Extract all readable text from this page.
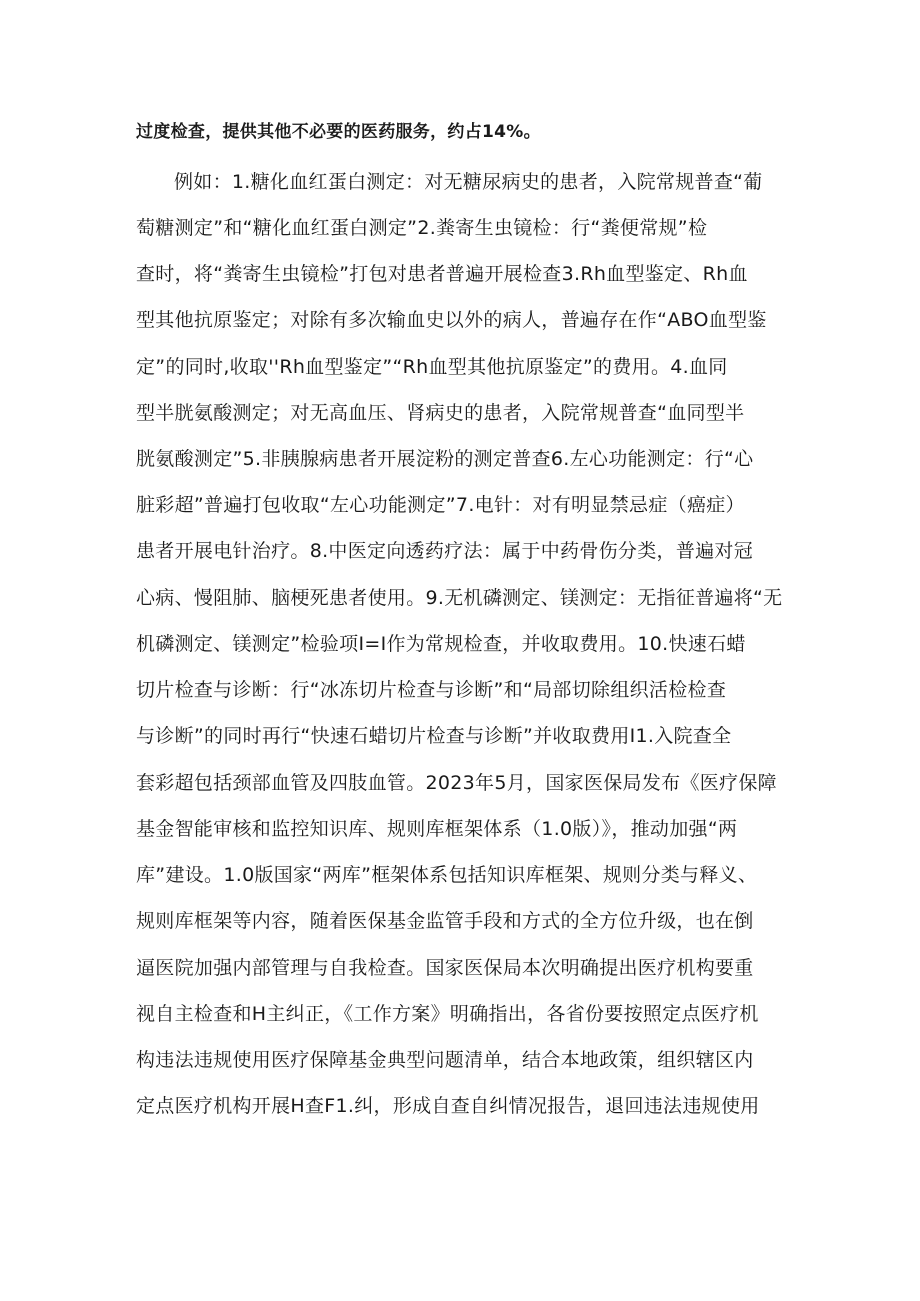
过度检查，提供其他不必要的医药服务，约占14%。
例如：1.糖化血红蛋白测定：对无糖尿病史的患者，入院常规普查“葡
萄糖测定”和“糖化血红蛋白测定”2.粪寄生虫镜检：行“粪便常规”检
查时，将“粪寄生虫镜检”打包对患者普遍开展检查3.Rh血型鉴定、Rh血
型其他抗原鉴定；对除有多次输血史以外的病人，普遍存在作“ABO血型鉴
定”的同时,收取''Rh血型鉴定”“Rh血型其他抗原鉴定”的费用。4.血同
型半胱氨酸测定；对无高血压、肾病史的患者，入院常规普查“血同型半
胱氨酸测定”5.非胰腺病患者开展淀粉的测定普查6.左心功能测定：行“心
脏彩超”普遍打包收取“左心功能测定”7.电针：对有明显禁忌症（癌症）
患者开展电针治疗。8.中医定向透药疗法：属于中药骨伤分类，普遍对冠
心病、慢阻肺、脑梗死患者使用。9.无机磷测定、镁测定：无指征普遍将“无
机磷测定、镁测定”检验项I=I作为常规检查，并收取费用。10.快速石蜡
切片检查与诊断：行“冰冻切片检查与诊断”和“局部切除组织活检检查
与诊断”的同时再行“快速石蜡切片检查与诊断”并收取费用I1.入院查全
套彩超包括颈部血管及四肢血管。2023年5月，国家医保局发布《医疗保障
基金智能审核和监控知识库、规则库框架体系（1.0版）》，推动加强“两
库”建设。1.0版国家“两库”框架体系包括知识库框架、规则分类与释义、
规则库框架等内容，随着医保基金监管手段和方式的全方位升级，也在倒
逼医院加强内部管理与自我检查。国家医保局本次明确提出医疗机构要重
视自主检查和H主纠正，《工作方案》明确指出，各省份要按照定点医疗机
构违法违规使用医疗保障基金典型问题清单，结合本地政策，组织辖区内
定点医疗机构开展H查F1.纠，形成自查自纠情况报告，退回违法违规使用
